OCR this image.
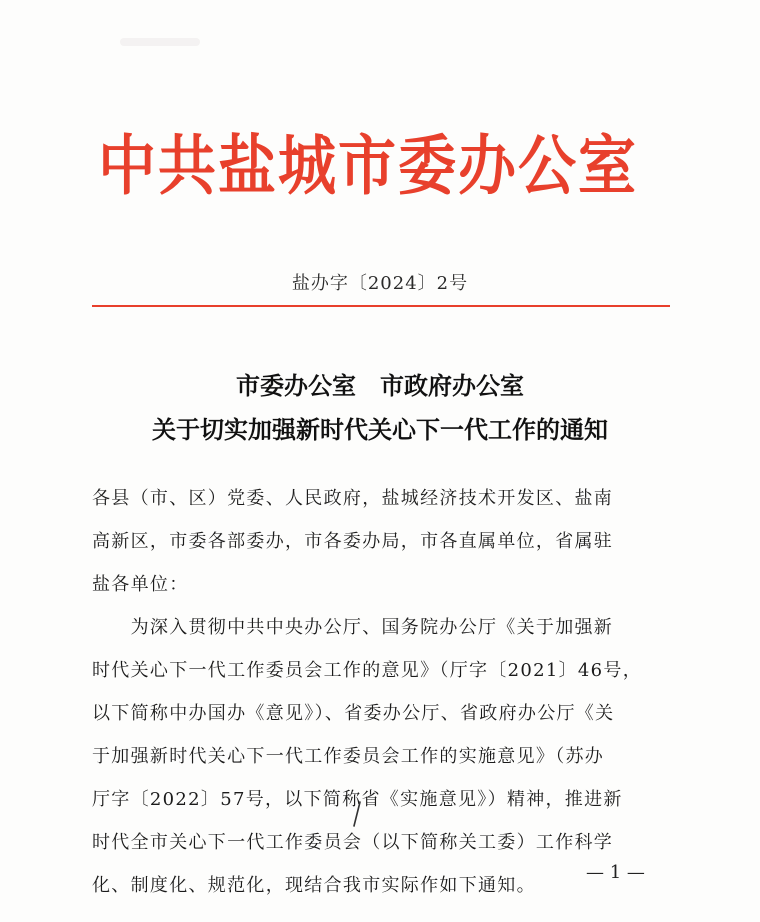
中共盐城市委办公室
盐办字〔2024〕2号
市委办公室　市政府办公室
关于切实加强新时代关心下一代工作的通知
各县（市、区）党委、人民政府，盐城经济技术开发区、盐南
高新区，市委各部委办，市各委办局，市各直属单位，省属驻
盐各单位：
　　为深入贯彻中共中央办公厅、国务院办公厅《关于加强新
时代关心下一代工作委员会工作的意见》（厅字〔2021〕46号，
以下简称中办国办《意见》）、省委办公厅、省政府办公厅《关
于加强新时代关心下一代工作委员会工作的实施意见》（苏办
厅字〔2022〕57号，以下简称省《实施意见》）精神，推进新
时代全市关心下一代工作委员会（以下简称关工委）工作科学
化、制度化、规范化，现结合我市实际作如下通知。
— 1 —
